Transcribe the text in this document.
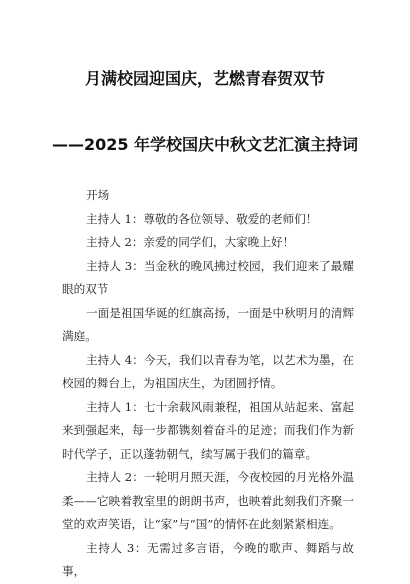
月满校园迎国庆，艺燃青春贺双节
——2025 年学校国庆中秋文艺汇演主持词

开场

主持人 1：尊敬的各位领导、敬爱的老师们！

主持人 2：亲爱的同学们，大家晚上好！

主持人 3：当金秋的晚风拂过校园，我们迎来了最耀眼的双节

一面是祖国华诞的红旗高扬，一面是中秋明月的清辉满庭。

主持人 4：今天，我们以青春为笔，以艺术为墨，在校园的舞台上，为祖国庆生，为团圆抒情。

主持人 1：七十余载风雨兼程，祖国从站起来、富起来到强起来，每一步都镌刻着奋斗的足迹；而我们作为新时代学子，正以蓬勃朝气，续写属于我们的篇章。

主持人 2：一轮明月照天涯，今夜校园的月光格外温柔——它映着教室里的朗朗书声，也映着此刻我们齐聚一堂的欢声笑语，让“家”与“国”的情怀在此刻紧紧相连。

主持人 3：无需过多言语，今晚的歌声、舞蹈与故事，
